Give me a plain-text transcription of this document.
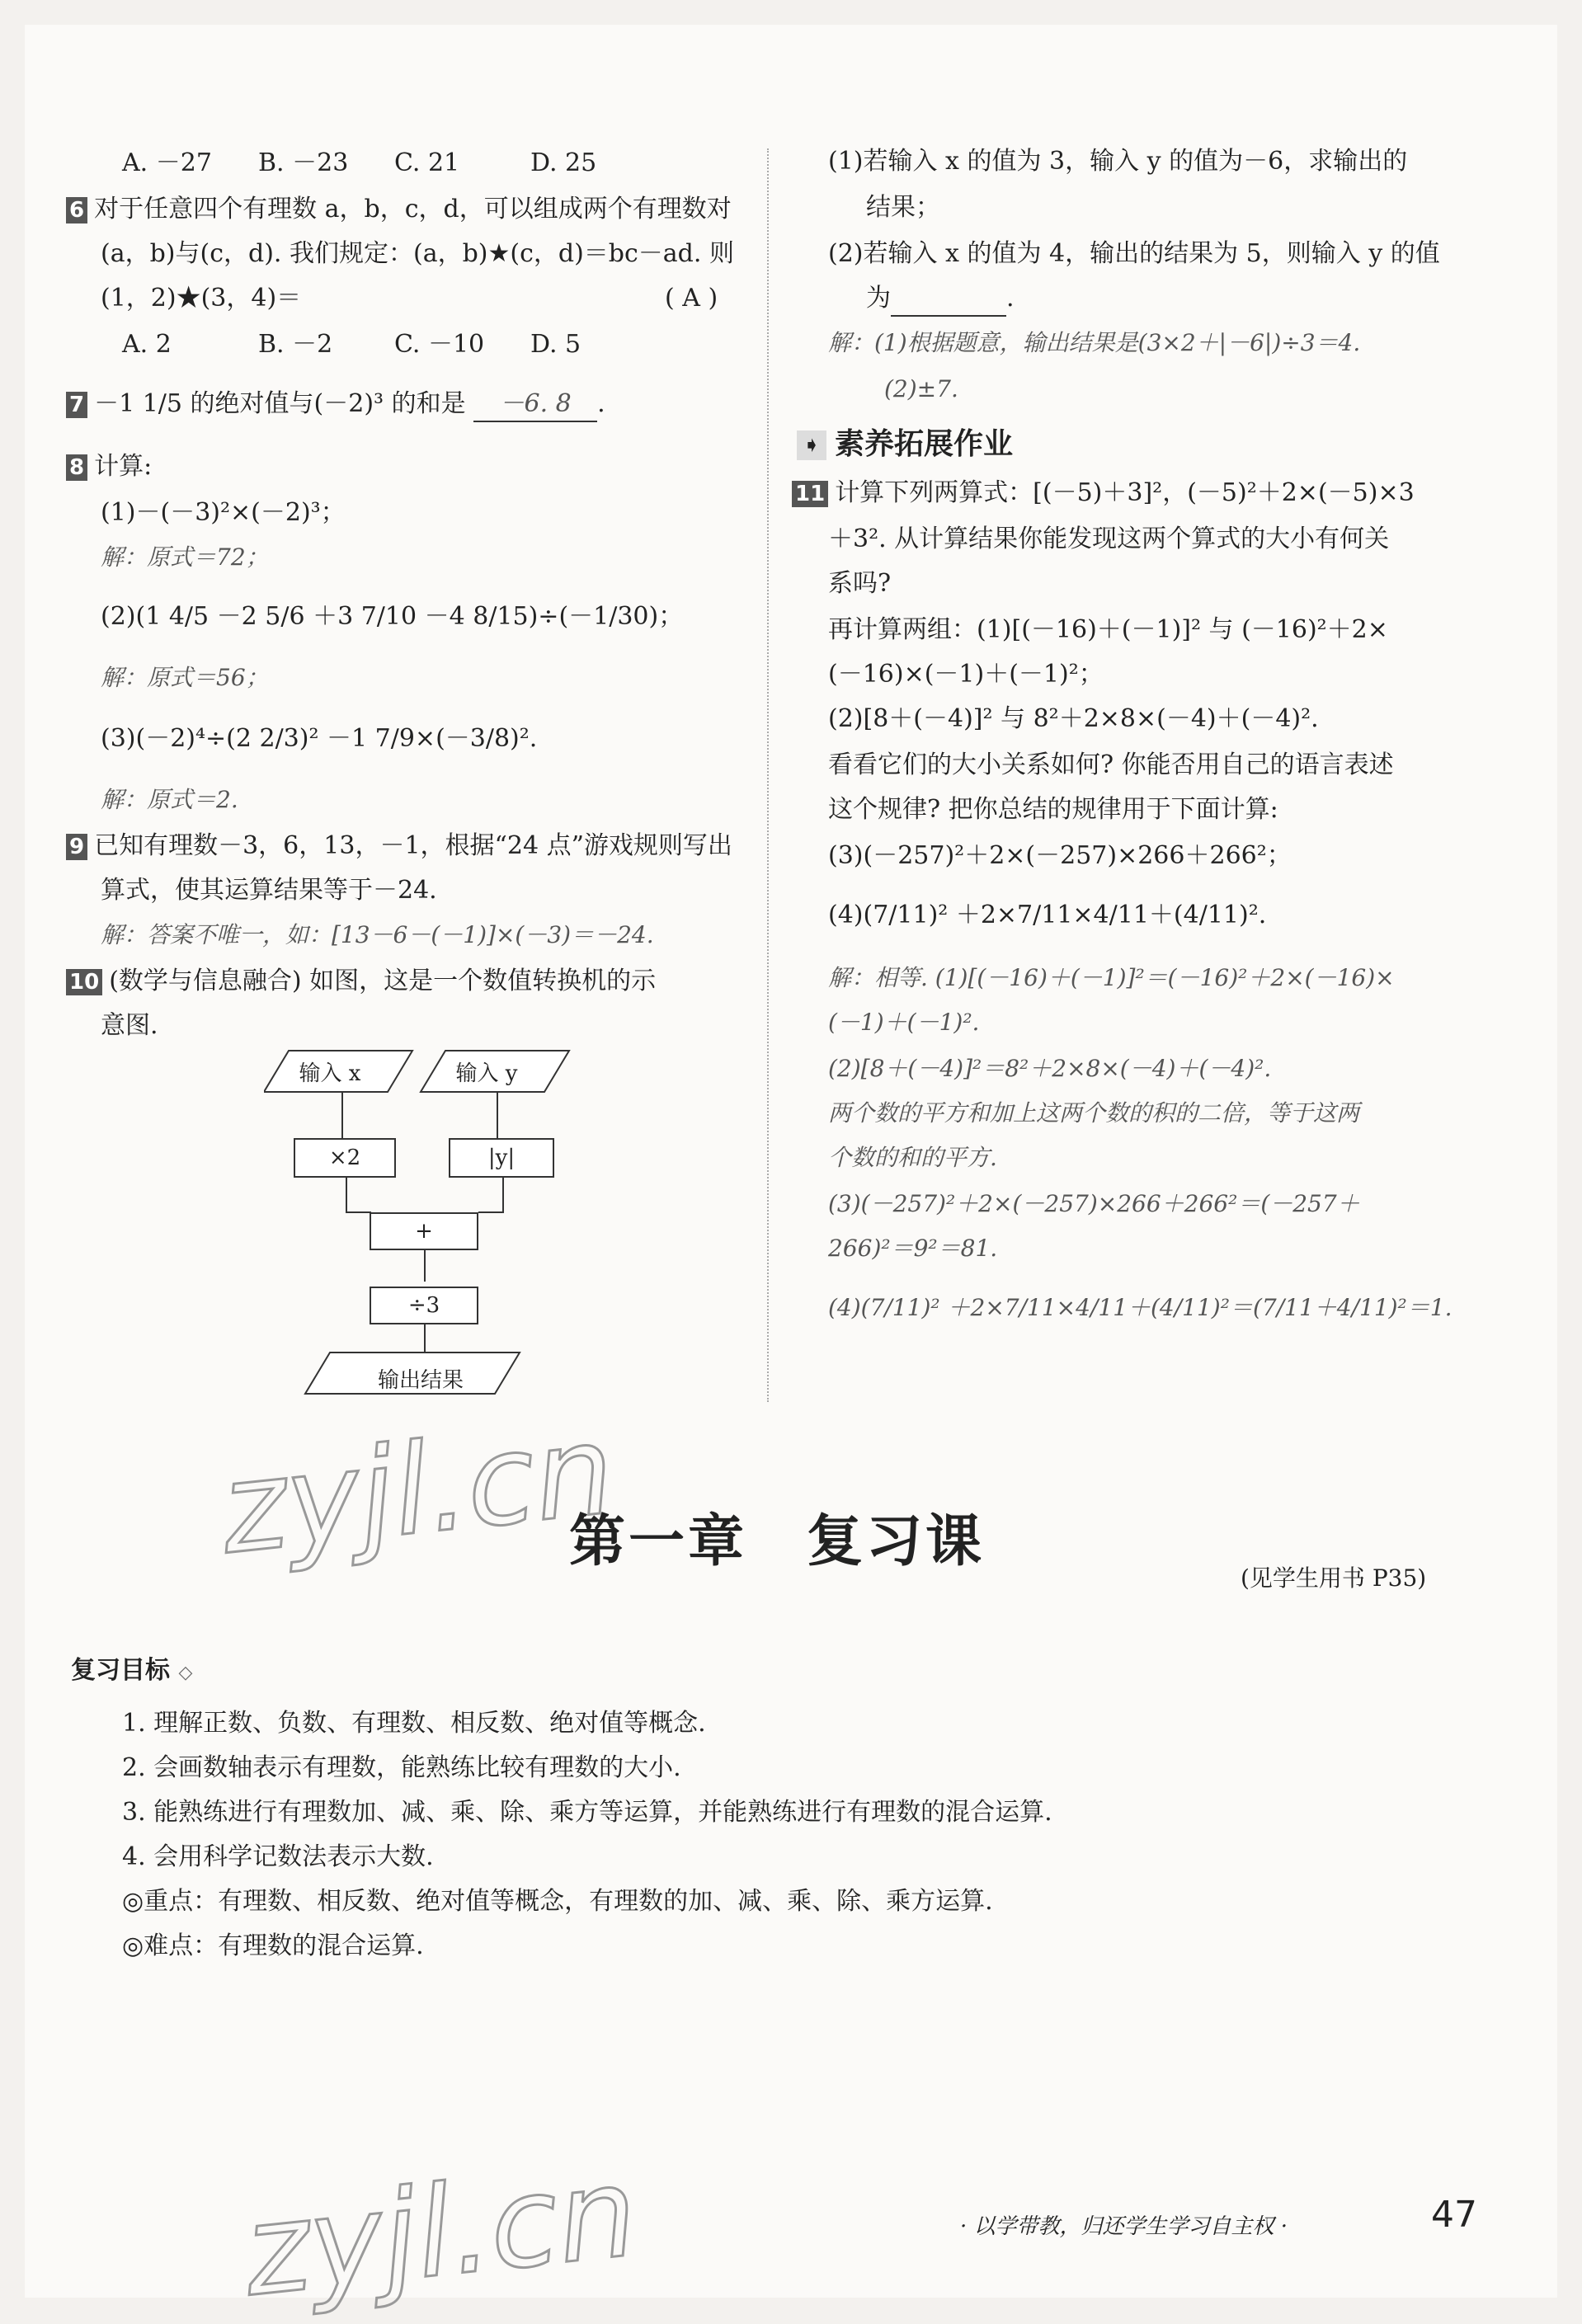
A. －27 B. －23 C. 21	D. 25
6 对于任意四个有理数 a，b，c，d，可以组成两个有理数对
(a，b)与(c，d). 我们规定：(a，b)★(c，d)＝bc－ad. 则
(1，2)★(3，4)＝	( A )
A. 2	B. －2 C. －10 D. 5
7 －1 1/5 的绝对值与(－2)³ 的和是 －6. 8 .
8 计算:
(1)－(－3)²×(－2)³；
解：原式＝72；
(2)(1 4/5 －2 5/6 ＋3 7/10 －4 8/15)÷(－1/30)；
解：原式＝56；
(3)(－2)⁴÷(2 2/3)² －1 7/9×(－3/8)².
解：原式＝2.
9 已知有理数－3，6，13，－1，根据“24 点”游戏规则写出
算式，使其运算结果等于－24.
解：答案不唯一，如：[13－6－(－1)]×(－3)＝－24.
10 (数学与信息融合) 如图，这是一个数值转换机的示
意图.
输入 x	输入 y
×2	|y|
+
÷3
输出结果
(1)若输入 x 的值为 3，输入 y 的值为－6，求输出的
结果；
(2)若输入 x 的值为 4，输出的结果为 5，则输入 y 的值
为	.
解：(1)根据题意，输出结果是(3×2＋|－6|)÷3＝4.
(2)±7.
➧ 素养拓展作业
11 计算下列两算式：[(－5)＋3]²，(－5)²＋2×(－5)×3
＋3². 从计算结果你能发现这两个算式的大小有何关
系吗?
再计算两组：(1)[(－16)＋(－1)]² 与 (－16)²＋2×
(－16)×(－1)＋(－1)²；
(2)[8＋(－4)]² 与 8²＋2×8×(－4)＋(－4)².
看看它们的大小关系如何? 你能否用自己的语言表述
这个规律? 把你总结的规律用于下面计算:
(3)(－257)²＋2×(－257)×266＋266²；
(4)(7/11)² ＋2×7/11×4/11＋(4/11)².
解：相等. (1)[(－16)＋(－1)]²＝(－16)²＋2×(－16)×
(－1)＋(－1)².
(2)[8＋(－4)]²＝8²＋2×8×(－4)＋(－4)².
两个数的平方和加上这两个数的积的二倍，等于这两
个数的和的平方.
(3)(－257)²＋2×(－257)×266＋266²＝(－257＋
266)²＝9²＝81.
(4)(7/11)² ＋2×7/11×4/11＋(4/11)²＝(7/11＋4/11)²＝1.
zyjl.cn
zyjl.cn
第一章　复习课
(见学生用书 P35)
复习目标 ◇
1. 理解正数、负数、有理数、相反数、绝对值等概念.
2. 会画数轴表示有理数，能熟练比较有理数的大小.
3. 能熟练进行有理数加、减、乘、除、乘方等运算，并能熟练进行有理数的混合运算.
4. 会用科学记数法表示大数.
◎重点：有理数、相反数、绝对值等概念，有理数的加、减、乘、除、乘方运算.
◎难点：有理数的混合运算.
· 以学带教，归还学生学习自主权 ·	47
